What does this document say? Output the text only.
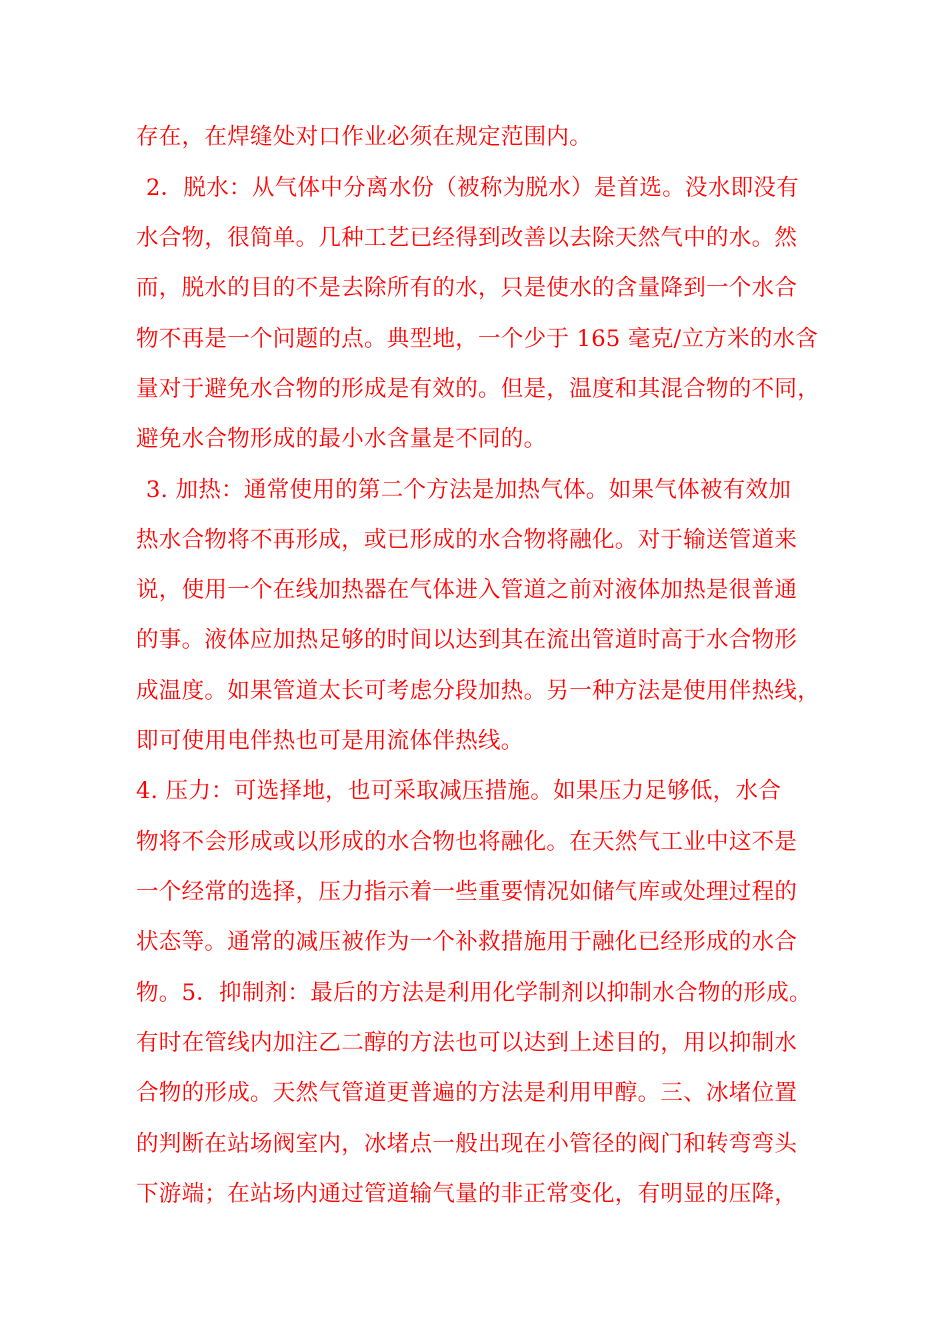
存在，在焊缝处对口作业必须在规定范围内。
2．脱水：从气体中分离水份（被称为脱水）是首选。没水即没有
水合物，很简单。几种工艺已经得到改善以去除天然气中的水。然
而，脱水的目的不是去除所有的水，只是使水的含量降到一个水合
物不再是一个问题的点。典型地，一个少于 165 毫克/立方米的水含
量对于避免水合物的形成是有效的。但是，温度和其混合物的不同，
避免水合物形成的最小水含量是不同的。
3. 加热：通常使用的第二个方法是加热气体。如果气体被有效加
热水合物将不再形成，或已形成的水合物将融化。对于输送管道来
说，使用一个在线加热器在气体进入管道之前对液体加热是很普通
的事。液体应加热足够的时间以达到其在流出管道时高于水合物形
成温度。如果管道太长可考虑分段加热。另一种方法是使用伴热线，
即可使用电伴热也可是用流体伴热线。
4. 压力：可选择地，也可采取减压措施。如果压力足够低，水合
物将不会形成或以形成的水合物也将融化。在天然气工业中这不是
一个经常的选择，压力指示着一些重要情况如储气库或处理过程的
状态等。通常的减压被作为一个补救措施用于融化已经形成的水合
物。5．抑制剂：最后的方法是利用化学制剂以抑制水合物的形成。
有时在管线内加注乙二醇的方法也可以达到上述目的，用以抑制水
合物的形成。天然气管道更普遍的方法是利用甲醇。三、冰堵位置
的判断在站场阀室内，冰堵点一般出现在小管径的阀门和转弯弯头
下游端；在站场内通过管道输气量的非正常变化，有明显的压降，
